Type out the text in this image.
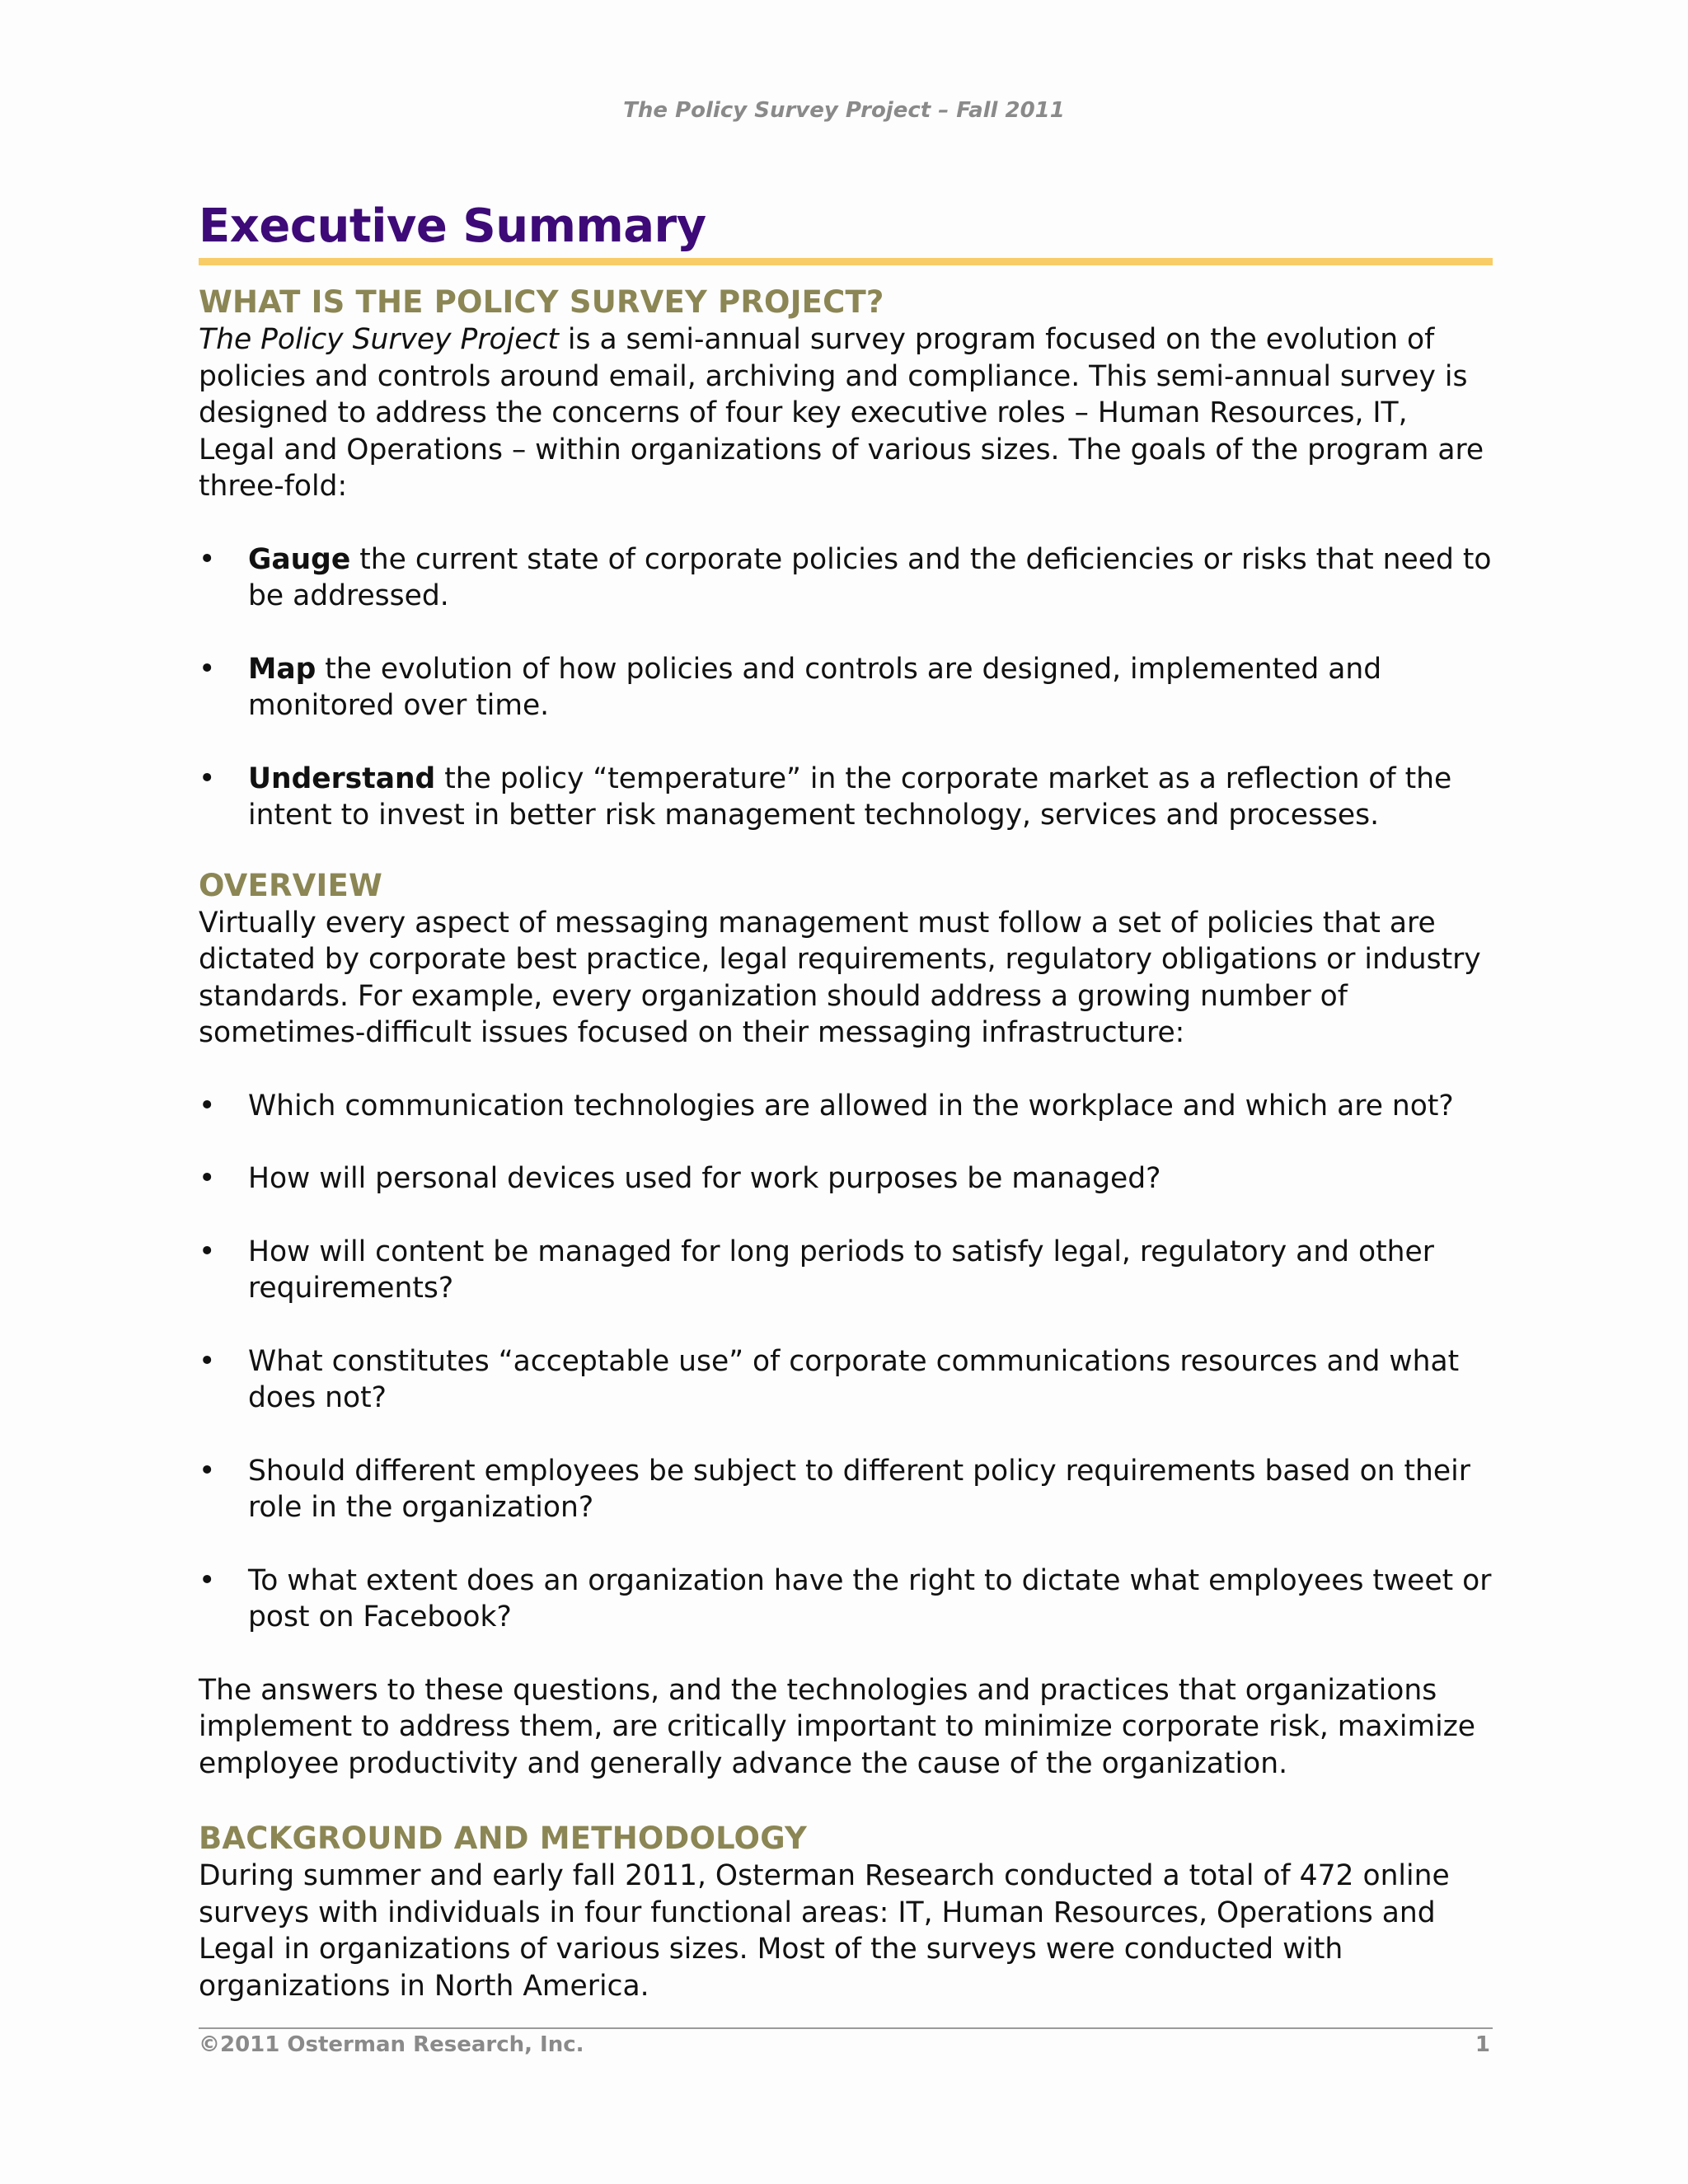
The Policy Survey Project – Fall 2011
Executive Summary
WHAT IS THE POLICY SURVEY PROJECT?

The Policy Survey Project is a semi-annual survey program focused on the evolution of policies and controls around email, archiving and compliance. This semi-annual survey is designed to address the concerns of four key executive roles – Human Resources, IT, Legal and Operations – within organizations of various sizes. The goals of the program are three-fold:

• Gauge the current state of corporate policies and the deficiencies or risks that need to be addressed.
• Map the evolution of how policies and controls are designed, implemented and monitored over time.
• Understand the policy “temperature” in the corporate market as a reflection of the intent to invest in better risk management technology, services and processes.
OVERVIEW

Virtually every aspect of messaging management must follow a set of policies that are dictated by corporate best practice, legal requirements, regulatory obligations or industry standards. For example, every organization should address a growing number of sometimes-difficult issues focused on their messaging infrastructure:

• Which communication technologies are allowed in the workplace and which are not?
• How will personal devices used for work purposes be managed?
• How will content be managed for long periods to satisfy legal, regulatory and other requirements?
• What constitutes “acceptable use” of corporate communications resources and what does not?
• Should different employees be subject to different policy requirements based on their role in the organization?
• To what extent does an organization have the right to dictate what employees tweet or post on Facebook?

The answers to these questions, and the technologies and practices that organizations implement to address them, are critically important to minimize corporate risk, maximize employee productivity and generally advance the cause of the organization.

BACKGROUND AND METHODOLOGY

During summer and early fall 2011, Osterman Research conducted a total of 472 online surveys with individuals in four functional areas: IT, Human Resources, Operations and Legal in organizations of various sizes. Most of the surveys were conducted with organizations in North America.

©2011 Osterman Research, Inc.	1
